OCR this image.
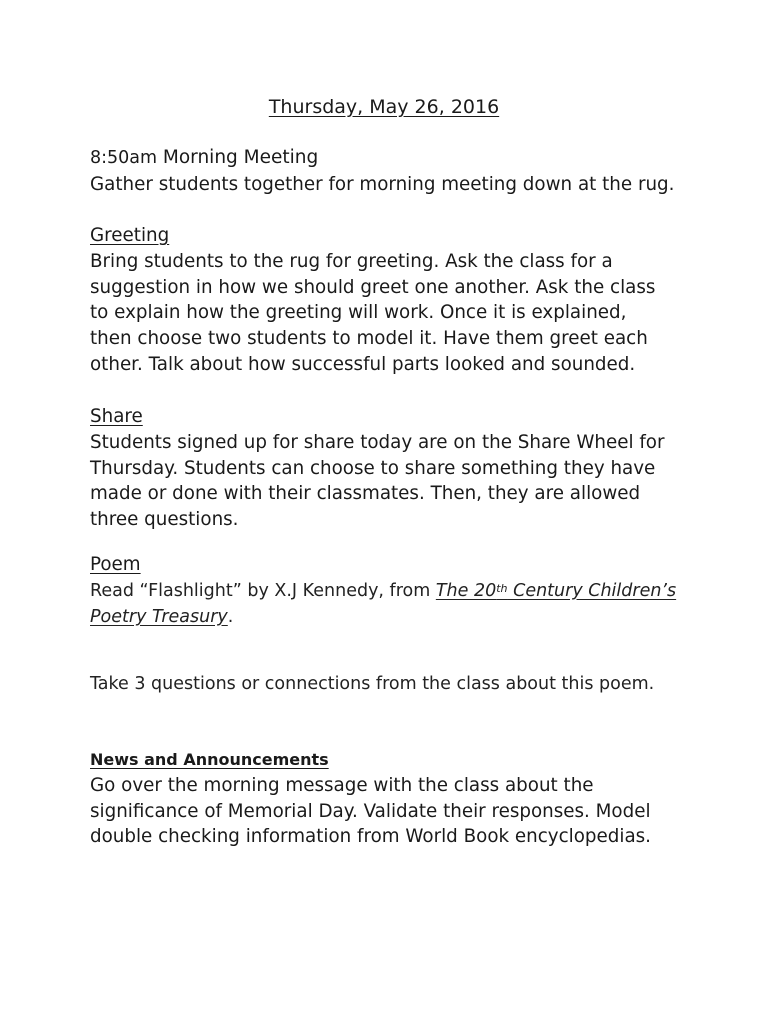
Thursday, May 26, 2016
8:50am Morning Meeting
Gather students together for morning meeting down at the rug.
Greeting
Bring students to the rug for greeting. Ask the class for a
suggestion in how we should greet one another. Ask the class
to explain how the greeting will work. Once it is explained,
then choose two students to model it. Have them greet each
other. Talk about how successful parts looked and sounded.
Share
Students signed up for share today are on the Share Wheel for
Thursday. Students can choose to share something they have
made or done with their classmates. Then, they are allowed
three questions.
Poem
Read “Flashlight” by X.J Kennedy, from The 20th Century Children’s
Poetry Treasury.
Take 3 questions or connections from the class about this poem.
News and Announcements
Go over the morning message with the class about the
significance of Memorial Day. Validate their responses. Model
double checking information from World Book encyclopedias.
